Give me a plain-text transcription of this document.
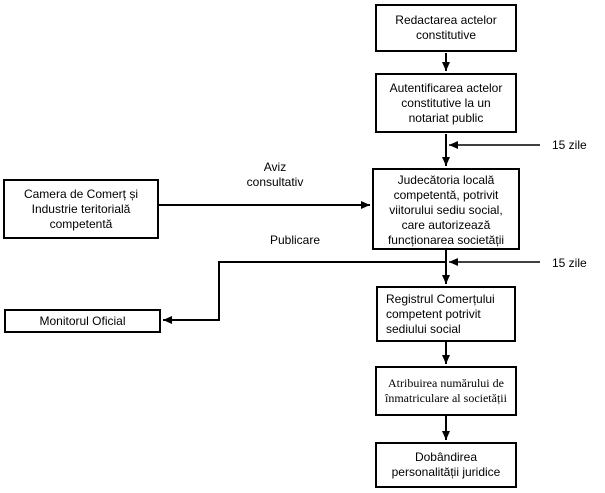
Redactarea actelor
constitutive
Autentificarea actelor
constitutive la un
notariat public
Judecătoria locală
competentă, potrivit
viitorului sediu social,
care autorizează
funcționarea societății
Camera de Comerț și
Industrie teritorială
competentă
Monitorul Oficial
Registrul Comerțului
competent potrivit
sediului social
Atribuirea numărului de
înmatriculare al societății
Dobândirea
personalității juridice
Aviz
consultativ
Publicare
15 zile
15 zile
